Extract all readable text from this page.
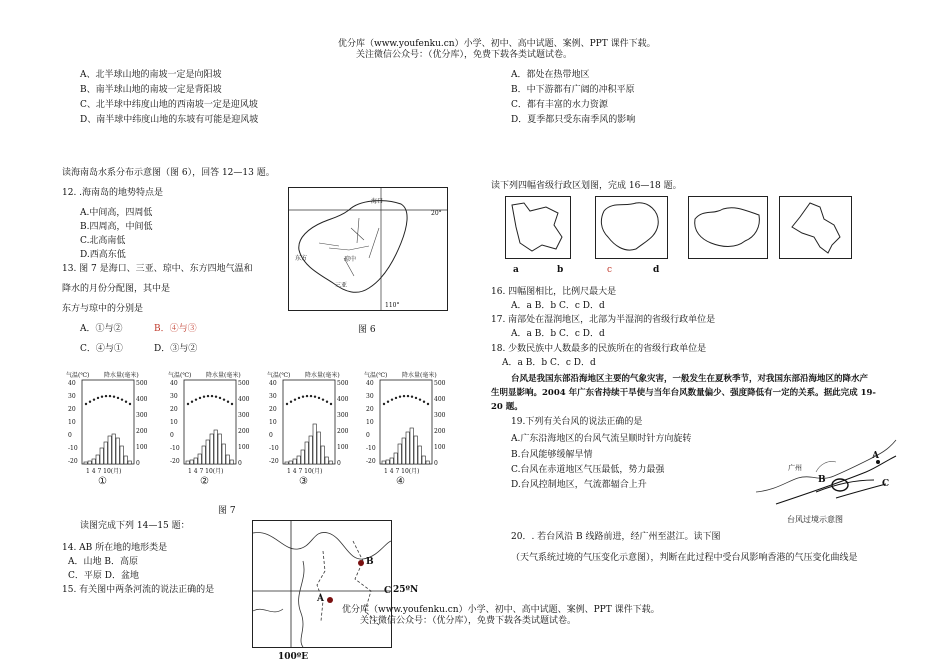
优分库（www.youfenku.cn）小学、初中、高中试题、案例、PPT 课件下载。
关注微信公众号：（优分库），免费下载各类试题试卷。
A、北半球山地的南坡一定是向阳坡
B、南半球山地的南坡一定是背阳坡
C、北半球中纬度山地的西南坡一定是迎风坡
D、南半球中纬度山地的东坡有可能是迎风坡
A．都处在热带地区
B．中下游都有广阔的冲积平原
C．都有丰富的水力资源
D．夏季都只受东南季风的影响
读海南岛水系分布示意图（图 6），回答 12—13 题。
12. .海南岛的地势特点是
A.中间高，四周低
B.四周高，中间低
C.北高南低
D.西高东低
13. 图 7 是海口、三亚、琼中、东方四地气温和
降水的月份分配图，其中是
东方与琼中的分别是
A．①与②	B．④与③
C．④与①	D．③与②
海口
东方	琼中
三亚
20°
110°
图 6
气温(℃) 降水量(毫米)
40
30
20
10
0
-10
-20
500
400
300
200
100
0
1 4 7 10(月)
①
气温(℃) 降水量(毫米)
40
30
20
10
0
-10
-20
500
400
300
200
100
0
1 4 7 10(月)
②
气温(℃) 降水量(毫米)
40
30
20
10
0
-10
-20
500
400
300
200
100
0
1 4 7 10(月)
③
气温(℃) 降水量(毫米)
40
30
20
10
0
-10
-20
500
400
300
200
100
0
1 4 7 10(月)
④
图 7
读图完成下列 14—15 题：
14. AB 所在地的地形类是
A．山地 B．高原
C．平原 D．盆地
15. 有关图中两条河流的说法正确的是
B
A
C 25ºN
100ºE
读下列四幅省级行政区划图，完成 16—18 题。
a	b	c	d
16. 四幅图相比，比例尺最大是
A．a B．b C．c D．d
17. 南部处在湿润地区，北部为半湿润的省级行政单位是
A．a B．b C．c D．d
18. 少数民族中人数最多的民族所在的省级行政单位是
A．a B．b C．c D．d
台风是我国东部沿海地区主要的气象灾害，一般发生在夏秋季节，对我国东部沿海地区的降水产
生明显影响。2004 年广东省持续干旱使与当年台风数量偏少、强度降低有一定的关系。据此完成 19-
20 题。
19.下列有关台风的说法正确的是
A.广东沿海地区的台风气流呈顺时针方向旋转
B.台风能够缓解旱情
C.台风在赤道地区气压最低，势力最强
D.台风控制地区，气流都辐合上升
广州
A
B	C
台风过境示意图
20．. 若台风沿 B 线路前进，经广州至湛江。读下图
（天气系统过境的气压变化示意图），判断在此过程中受台风影响香港的气压变化曲线是
优分库（www.youfenku.cn）小学、初中、高中试题、案例、PPT 课件下载。
关注微信公众号：（优分库），免费下载各类试题试卷。
